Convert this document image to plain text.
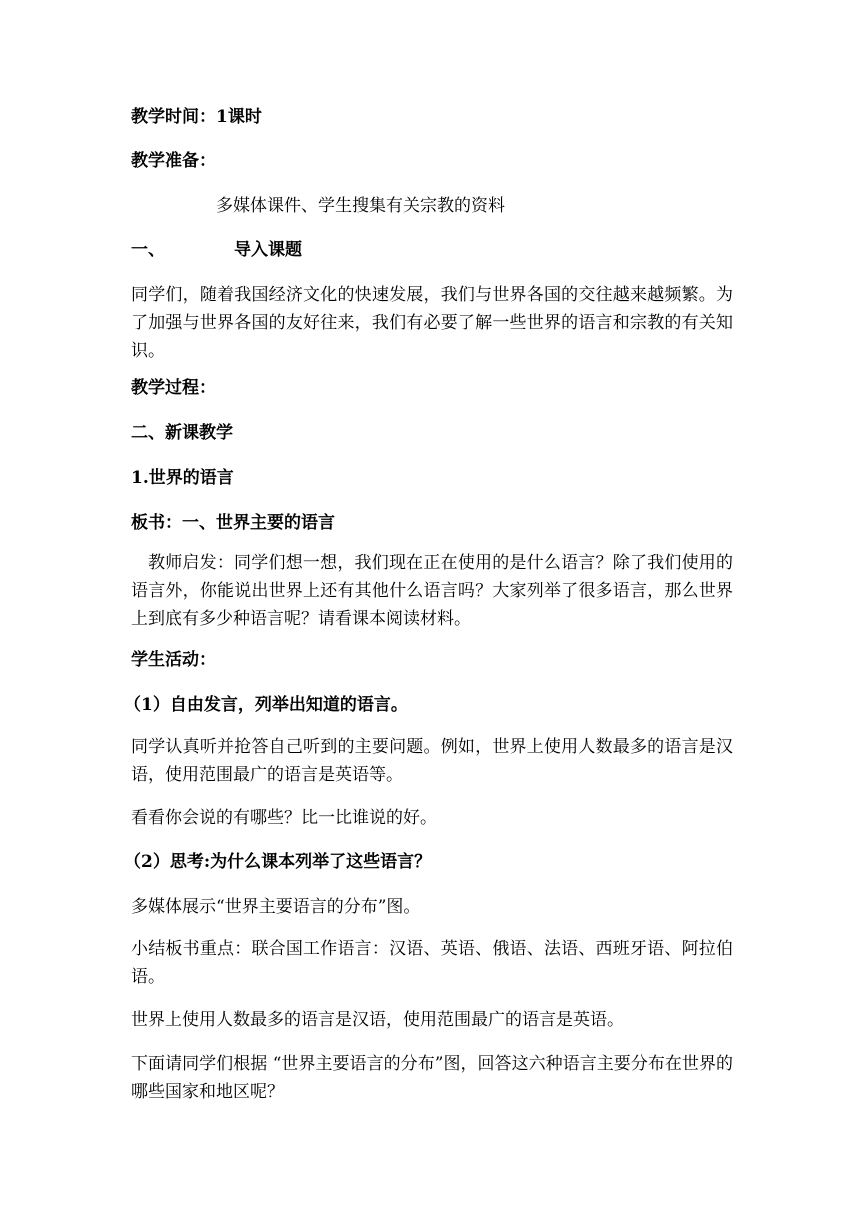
教学时间：1课时
教学准备：
多媒体课件、学生搜集有关宗教的资料
一、	导入课题
同学们，随着我国经济文化的快速发展，我们与世界各国的交往越来越频繁。为了加强与世界各国的友好往来，我们有必要了解一些世界的语言和宗教的有关知识。
教学过程：
二、新课教学
1.世界的语言
板书：一、世界主要的语言
教师启发：同学们想一想，我们现在正在使用的是什么语言？除了我们使用的语言外，你能说出世界上还有其他什么语言吗？大家列举了很多语言，那么世界上到底有多少种语言呢？请看课本阅读材料。
学生活动：
（1）自由发言，列举出知道的语言。
同学认真听并抢答自己听到的主要问题。例如，世界上使用人数最多的语言是汉语，使用范围最广的语言是英语等。
看看你会说的有哪些？比一比谁说的好。
（2）思考:为什么课本列举了这些语言？
多媒体展示“世界主要语言的分布”图。
小结板书重点：联合国工作语言：汉语、英语、俄语、法语、西班牙语、阿拉伯语。
世界上使用人数最多的语言是汉语，使用范围最广的语言是英语。
下面请同学们根据 “世界主要语言的分布”图，回答这六种语言主要分布在世界的哪些国家和地区呢？
